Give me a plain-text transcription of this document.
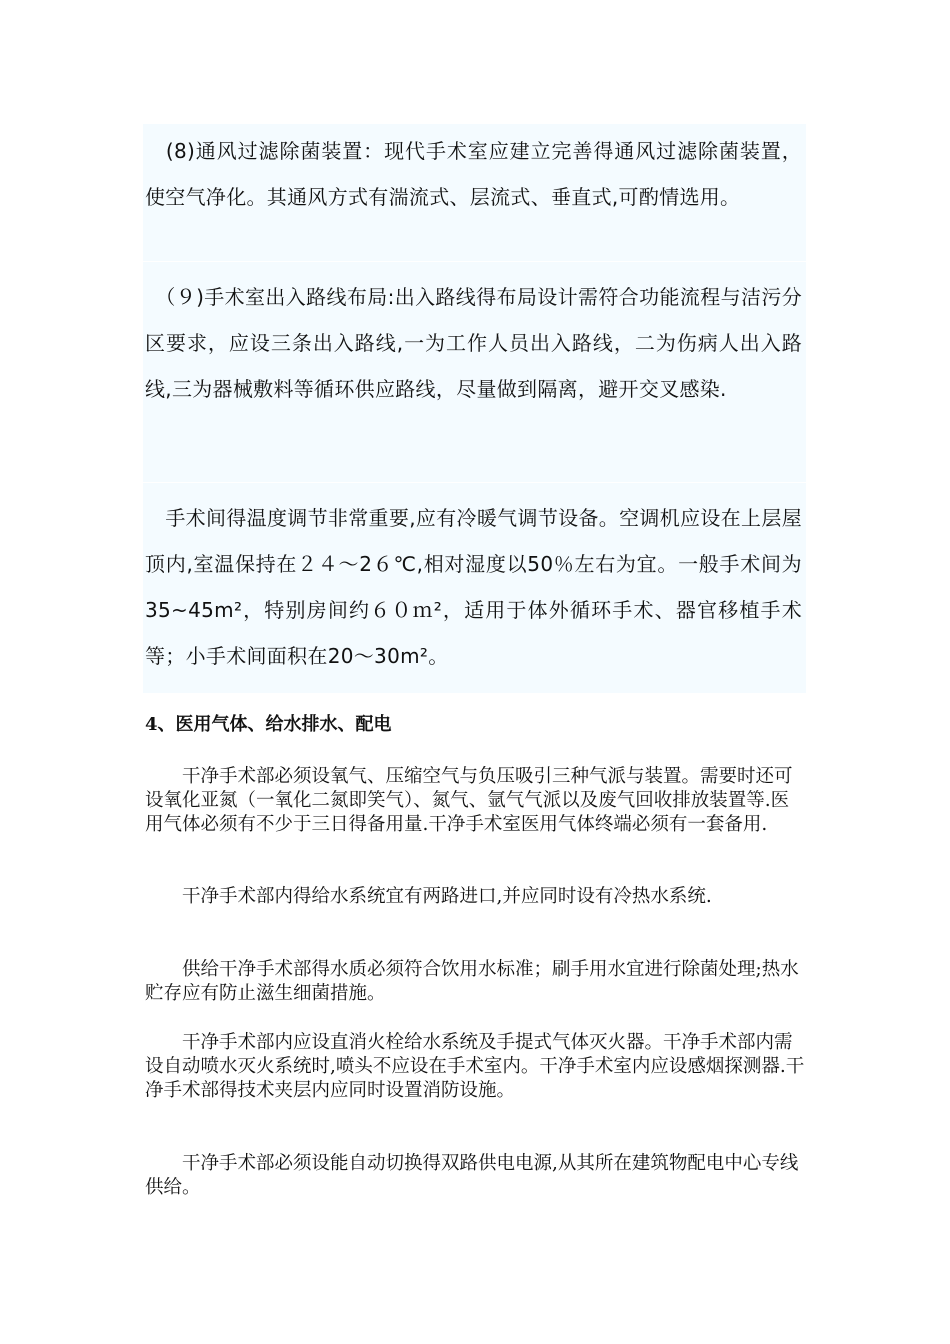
　(8)通风过滤除菌装置：现代手术室应建立完善得通风过滤除菌装置，使空气净化。其通风方式有湍流式、层流式、垂直式,可酌情选用。

　（９)手术室出入路线布局:出入路线得布局设计需符合功能流程与洁污分区要求，应设三条出入路线,一为工作人员出入路线，二为伤病人出入路线,三为器械敷料等循环供应路线，尽量做到隔离，避开交叉感染.

　手术间得温度调节非常重要,应有冷暖气调节设备。空调机应设在上层屋顶内,室温保持在２４～2６℃,相对湿度以50％左右为宜。一般手术间为35~45m²，特别房间约６０ｍ²，适用于体外循环手术、器官移植手术等；小手术间面积在20～30m²。

4、医用气体、给水排水、配电

　　干净手术部必须设氧气、压缩空气与负压吸引三种气派与装置。需要时还可设氧化亚氮（一氧化二氮即笑气）、氮气、氩气气派以及废气回收排放装置等.医用气体必须有不少于三日得备用量.干净手术室医用气体终端必须有一套备用.

　　干净手术部内得给水系统宜有两路进口,并应同时设有冷热水系统.

　　供给干净手术部得水质必须符合饮用水标准；刷手用水宜进行除菌处理;热水贮存应有防止滋生细菌措施。

　　干净手术部内应设直消火栓给水系统及手提式气体灭火器。干净手术部内需设自动喷水灭火系统时,喷头不应设在手术室内。干净手术室内应设感烟探测器.干净手术部得技术夹层内应同时设置消防设施。

　　干净手术部必须设能自动切换得双路供电电源,从其所在建筑物配电中心专线供给。
